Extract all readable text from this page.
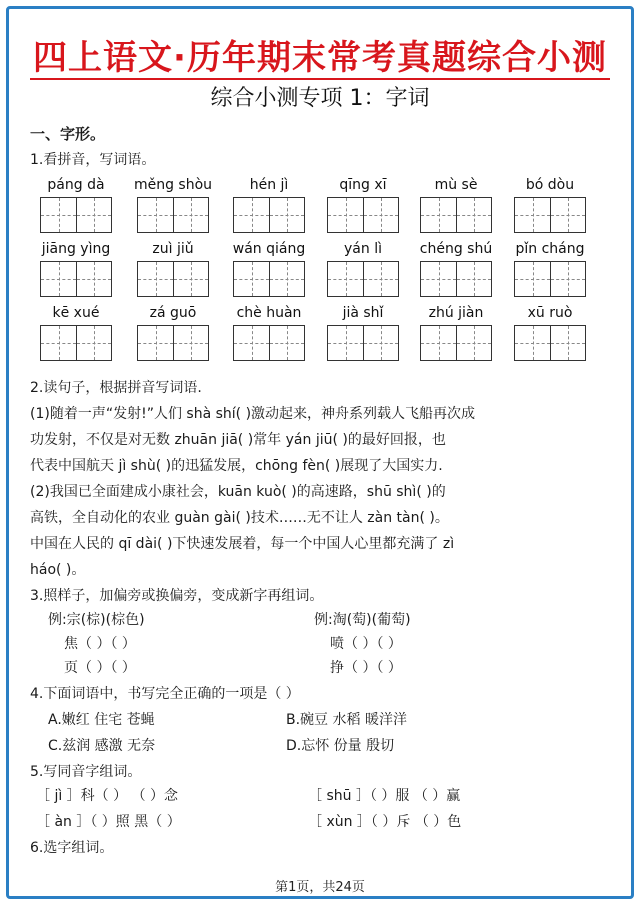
四上语文·历年期末常考真题综合小测
综合小测专项 1：字词
一、字形。
1.看拼音，写词语。
páng dà	měng shòu	hén jì	qīng xī	mù sè	bó dòu
jiāng yìng	zuì jiǔ	wán qiáng	yán lì	chéng shú	pǐn cháng
kē xué	zá guō	chè huàn	jià shǐ	zhú jiàn	xū ruò
2.读句子，根据拼音写词语.
(1)随着一声“发射!”人们 shà shí( )激动起来，神舟系列载人飞船再次成
功发射，不仅是对无数 zhuān jiā( )常年 yán jiū( )的最好回报，也
代表中国航天 jì shù( )的迅猛发展，chōng fèn( )展现了大国实力.
(2)我国已全面建成小康社会，kuān kuò( )的高速路，shū shì( )的
高铁，全自动化的农业 guàn gài( )技术……无不让人 zàn tàn( )。
中国在人民的 qī dài( )下快速发展着，每一个中国人心里都充满了 zì
háo( )。
3.照样子，加偏旁或换偏旁，变成新字再组词。
例:宗(棕)(棕色)	例:淘(萄)(葡萄)
焦（ ）（ ）	喷（ ）（ ）
页（ ）（ ）	挣（ ）（ ）
4.下面词语中，书写完全正确的一项是（ ）
A.嫩红 住宅 苍蝇	B.碗豆 水稻 暖洋洋
C.兹润 感激 无奈	D.忘怀 份量 殷切
5.写同音字组词。
［ jì ］科（ ） （ ）念	［ shū ］（ ）服 （ ）赢
［ àn ］（ ）照 黑（ ）	［ xùn ］（ ）斥 （ ）色
6.选字组词。
第1页，共24页
